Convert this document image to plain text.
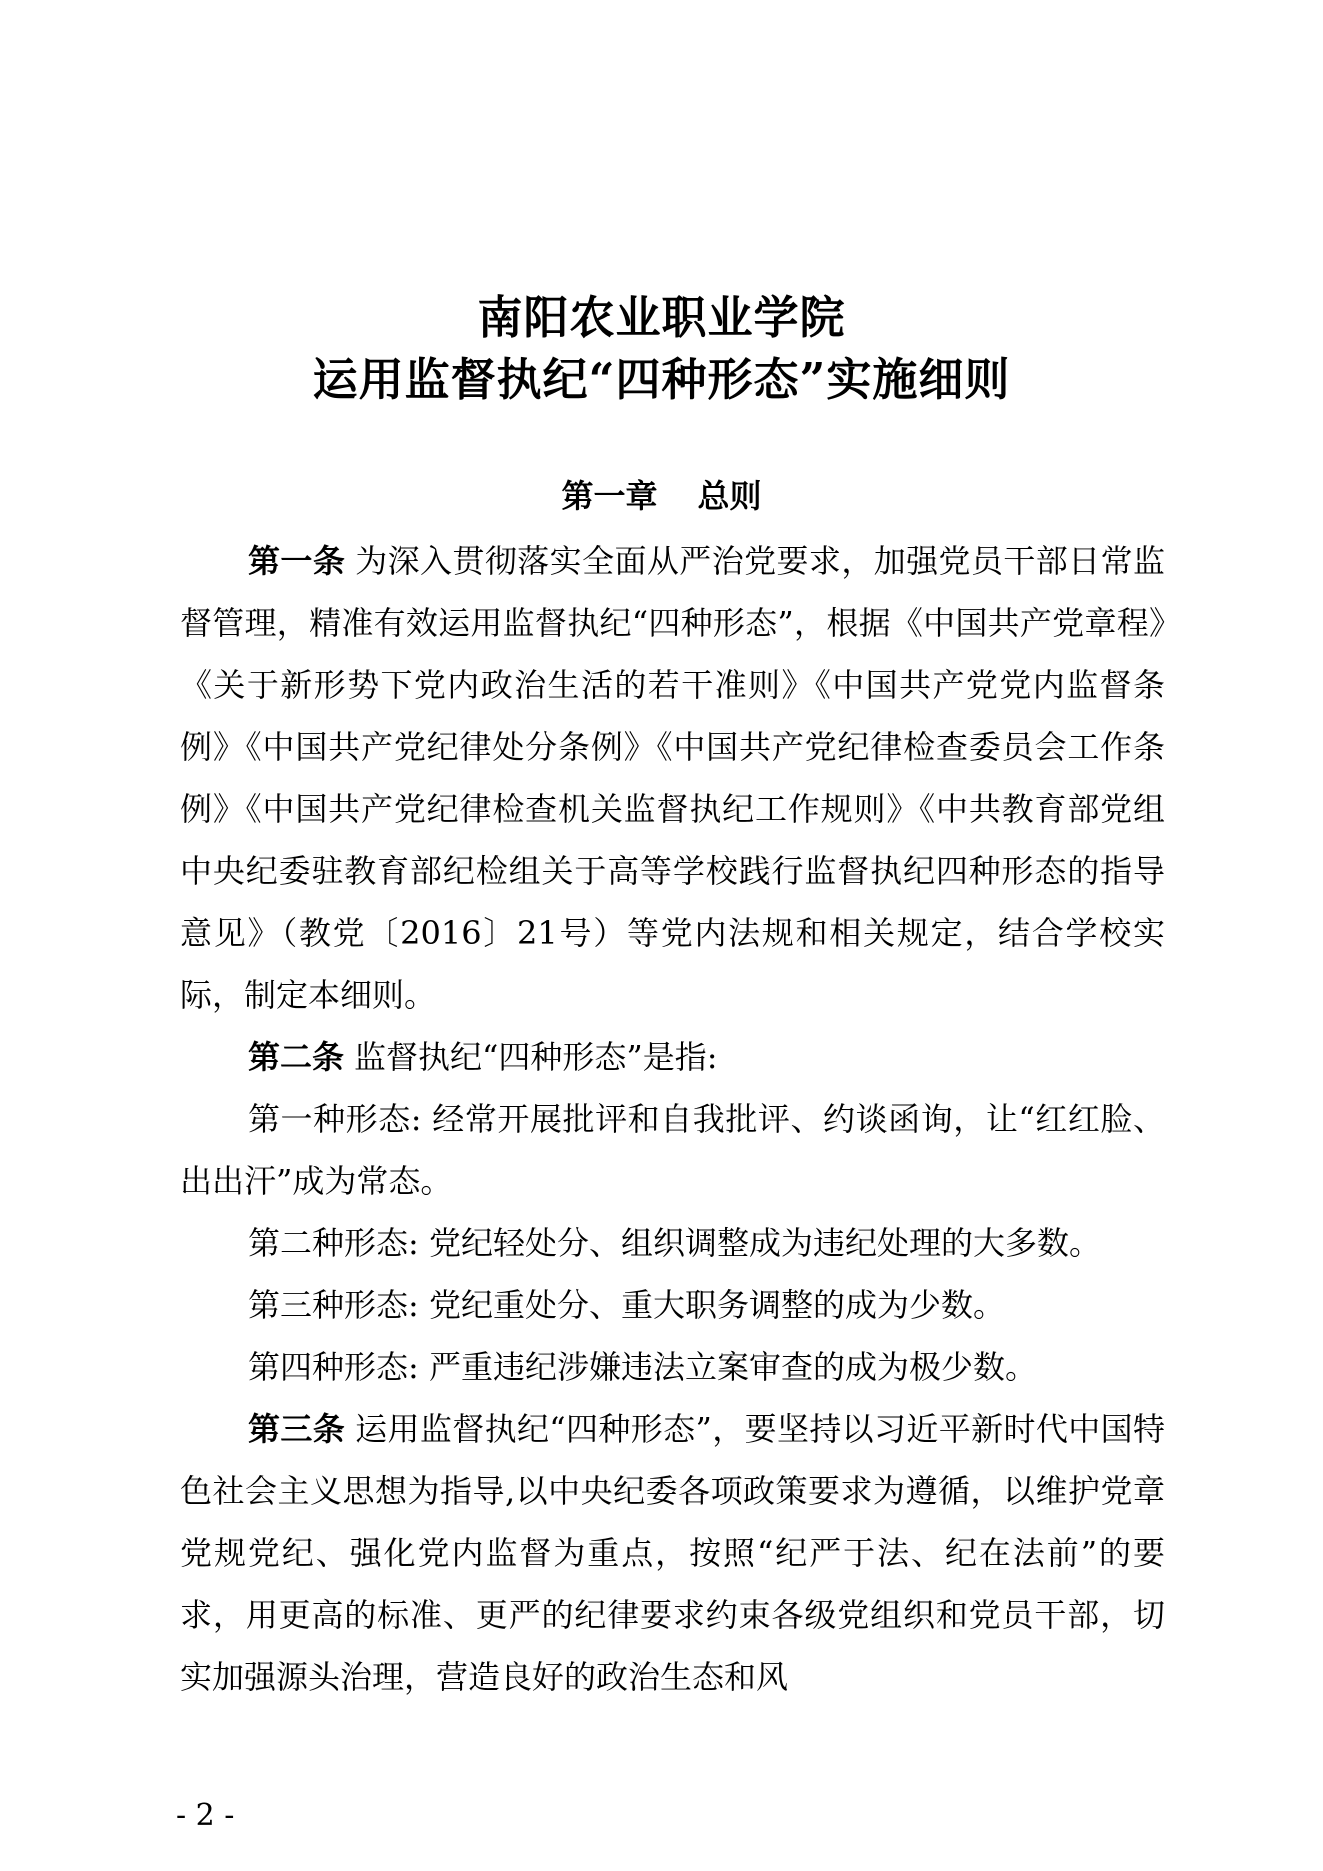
南阳农业职业学院
运用监督执纪“四种形态”实施细则
第一章 总则

第一条 为深入贯彻落实全面从严治党要求，加强党员干部日常监督管理，精准有效运用监督执纪“四种形态”，根据《中国共产党章程》《关于新形势下党内政治生活的若干准则》《中国共产党党内监督条例》《中国共产党纪律处分条例》《中国共产党纪律检查委员会工作条例》《中国共产党纪律检查机关监督执纪工作规则》《中共教育部党组中央纪委驻教育部纪检组关于高等学校践行监督执纪四种形态的指导意见》（教党〔2016〕21号）等党内法规和相关规定，结合学校实际，制定本细则。

第二条 监督执纪“四种形态”是指:

第一种形态: 经常开展批评和自我批评、约谈函询，让“红红脸、出出汗”成为常态。

第二种形态: 党纪轻处分、组织调整成为违纪处理的大多数。

第三种形态: 党纪重处分、重大职务调整的成为少数。

第四种形态: 严重违纪涉嫌违法立案审查的成为极少数。

第三条 运用监督执纪“四种形态”，要坚持以习近平新时代中国特色社会主义思想为指导,以中央纪委各项政策要求为遵循，以维护党章党规党纪、强化党内监督为重点，按照“纪严于法、纪在法前”的要求，用更高的标准、更严的纪律要求约束各级党组织和党员干部，切实加强源头治理，营造良好的政治生态和风

- 2 -
